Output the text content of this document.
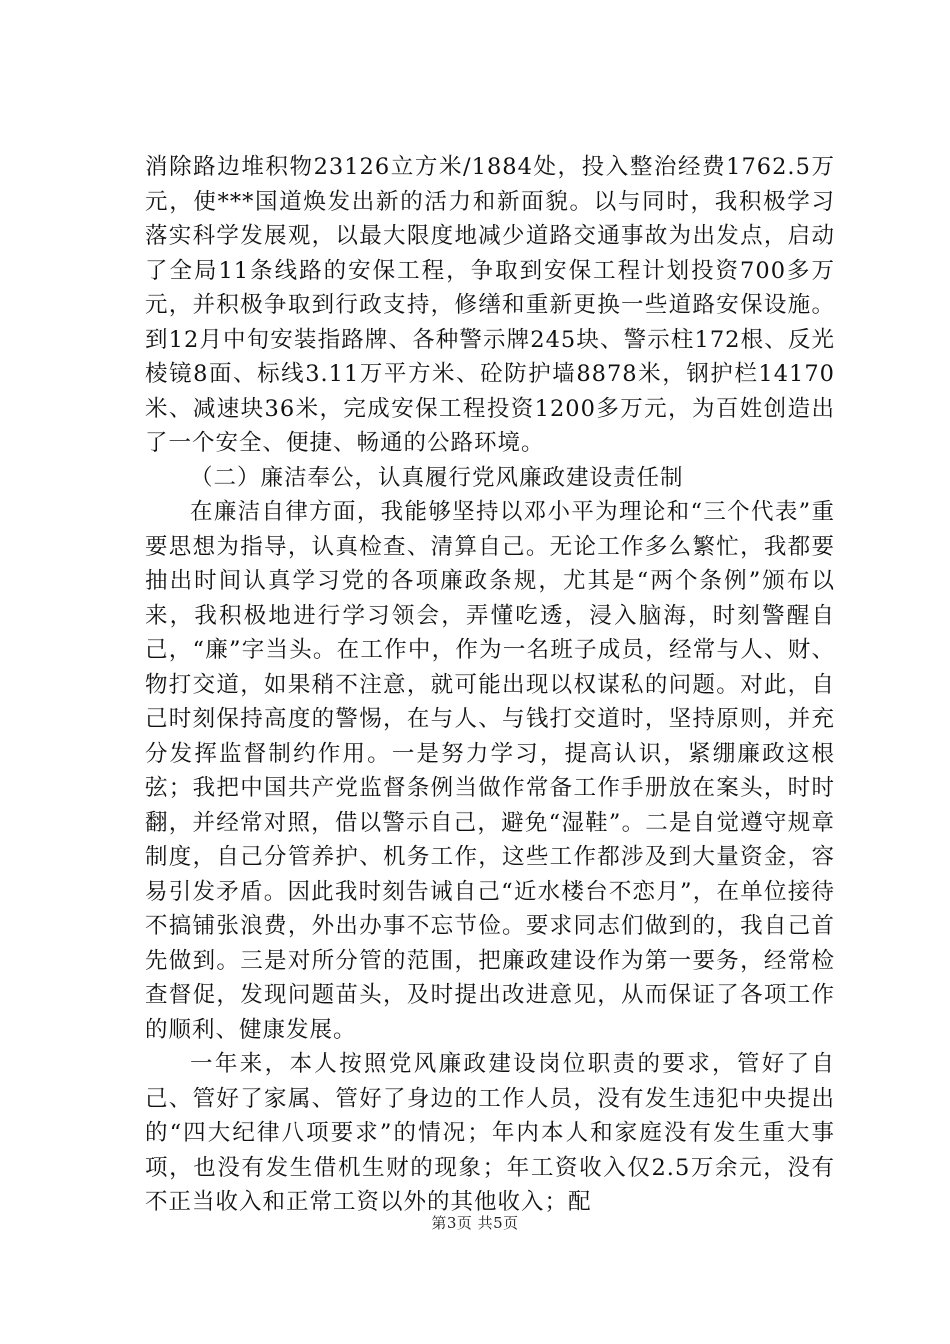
消除路边堆积物23126立方米/1884处，投入整治经费1762.5万元，使***国道焕发出新的活力和新面貌。以与同时，我积极学习落实科学发展观，以最大限度地减少道路交通事故为出发点，启动了全局11条线路的安保工程，争取到安保工程计划投资700多万元，并积极争取到行政支持，修缮和重新更换一些道路安保设施。到12月中旬安装指路牌、各种警示牌245块、警示柱172根、反光棱镜8面、标线3.11万平方米、砼防护墙8878米，钢护栏14170米、减速块36米，完成安保工程投资1200多万元，为百姓创造出了一个安全、便捷、畅通的公路环境。

（二）廉洁奉公，认真履行党风廉政建设责任制

在廉洁自律方面，我能够坚持以邓小平为理论和“三个代表”重要思想为指导，认真检查、清算自己。无论工作多么繁忙，我都要抽出时间认真学习党的各项廉政条规，尤其是“两个条例”颁布以来，我积极地进行学习领会，弄懂吃透，浸入脑海，时刻警醒自己，“廉”字当头。在工作中，作为一名班子成员，经常与人、财、物打交道，如果稍不注意，就可能出现以权谋私的问题。对此，自己时刻保持高度的警惕，在与人、与钱打交道时，坚持原则，并充分发挥监督制约作用。一是努力学习，提高认识，紧绷廉政这根弦；我把中国共产党监督条例当做作常备工作手册放在案头，时时翻，并经常对照，借以警示自己，避免“湿鞋”。二是自觉遵守规章制度，自己分管养护、机务工作，这些工作都涉及到大量资金，容易引发矛盾。因此我时刻告诫自己“近水楼台不恋月”，在单位接待不搞铺张浪费，外出办事不忘节俭。要求同志们做到的，我自己首先做到。三是对所分管的范围，把廉政建设作为第一要务，经常检查督促，发现问题苗头，及时提出改进意见，从而保证了各项工作的顺利、健康发展。

一年来，本人按照党风廉政建设岗位职责的要求，管好了自己、管好了家属、管好了身边的工作人员，没有发生违犯中央提出的“四大纪律八项要求”的情况；年内本人和家庭没有发生重大事项，也没有发生借机生财的现象；年工资收入仅2.5万余元，没有不正当收入和正常工资以外的其他收入；配

第3页 共5页
